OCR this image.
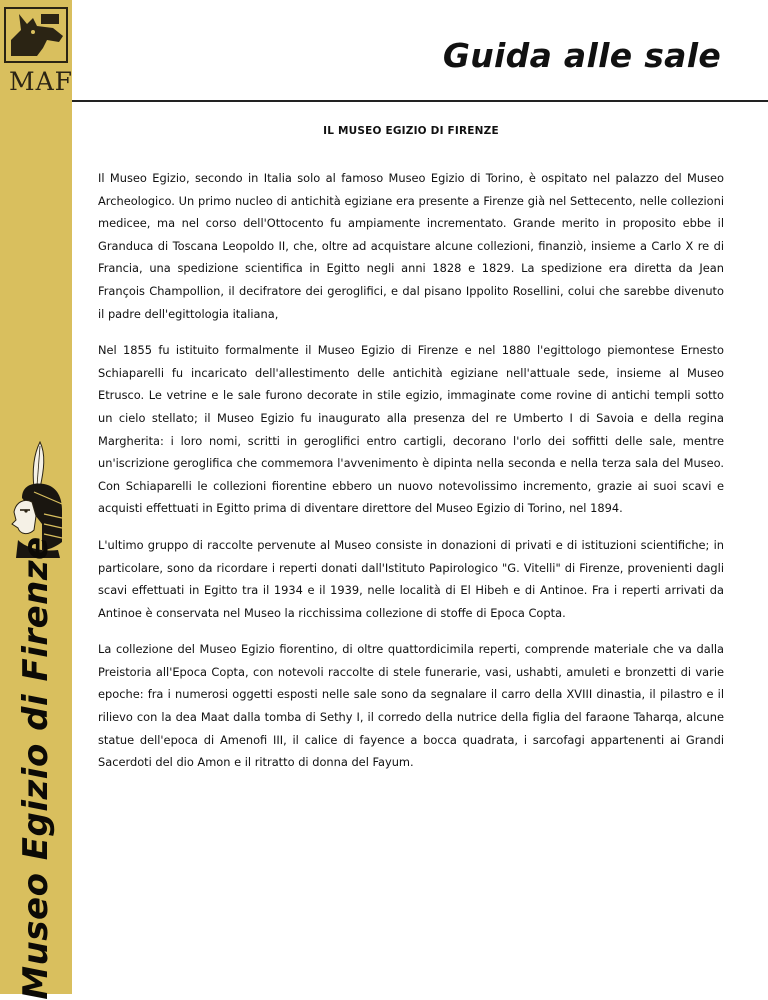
MAF
Museo Egizio di Firenze
Guida alle sale
IL MUSEO EGIZIO DI FIRENZE

Il Museo Egizio, secondo in Italia solo al famoso Museo Egizio di Torino, è ospitato nel palazzo del Museo Archeologico. Un primo nucleo di antichità egiziane era presente a Firenze già nel Settecento, nelle collezioni medicee, ma nel corso dell'Ottocento fu ampiamente incrementato. Grande merito in proposito ebbe il Granduca di Toscana Leopoldo II, che, oltre ad acquistare alcune collezioni, finanziò, insieme a Carlo X re di Francia, una spedizione scientifica in Egitto negli anni 1828 e 1829. La spedizione era diretta da Jean François Champollion, il decifratore dei geroglifici, e dal pisano Ippolito Rosellini, colui che sarebbe divenuto il padre dell'egittologia italiana,

Nel 1855 fu istituito formalmente il Museo Egizio di Firenze e nel 1880 l'egittologo piemontese Ernesto Schiaparelli fu incaricato dell'allestimento delle antichità egiziane nell'attuale sede, insieme al Museo Etrusco. Le vetrine e le sale furono decorate in stile egizio, immaginate come rovine di antichi templi sotto un cielo stellato; il Museo Egizio fu inaugurato alla presenza del re Umberto I di Savoia e della regina Margherita: i loro nomi, scritti in geroglifici entro cartigli, decorano l'orlo dei soffitti delle sale, mentre un'iscrizione geroglifica che commemora l'avvenimento è dipinta nella seconda e nella terza sala del Museo. Con Schiaparelli le collezioni fiorentine ebbero un nuovo notevolissimo incremento, grazie ai suoi scavi e acquisti effettuati in Egitto prima di diventare direttore del Museo Egizio di Torino, nel 1894.

L'ultimo gruppo di raccolte pervenute al Museo consiste in donazioni di privati e di istituzioni scientifiche; in particolare, sono da ricordare i reperti donati dall'Istituto Papirologico "G. Vitelli" di Firenze, provenienti dagli scavi effettuati in Egitto tra il 1934 e il 1939, nelle località di El Hibeh e di Antinoe. Fra i reperti arrivati da Antinoe è conservata nel Museo la ricchissima collezione di stoffe di Epoca Copta.

La collezione del Museo Egizio fiorentino, di oltre quattordicimila reperti, comprende materiale che va dalla Preistoria all'Epoca Copta, con notevoli raccolte di stele funerarie, vasi, ushabti, amuleti e bronzetti di varie epoche: fra i numerosi oggetti esposti nelle sale sono da segnalare il carro della XVIII dinastia, il pilastro e il rilievo con la dea Maat dalla tomba di Sethy I, il corredo della nutrice della figlia del faraone Taharqa, alcune statue dell'epoca di Amenofi III, il calice di fayence a bocca quadrata, i sarcofagi appartenenti ai Grandi Sacerdoti del dio Amon e il ritratto di donna del Fayum.
